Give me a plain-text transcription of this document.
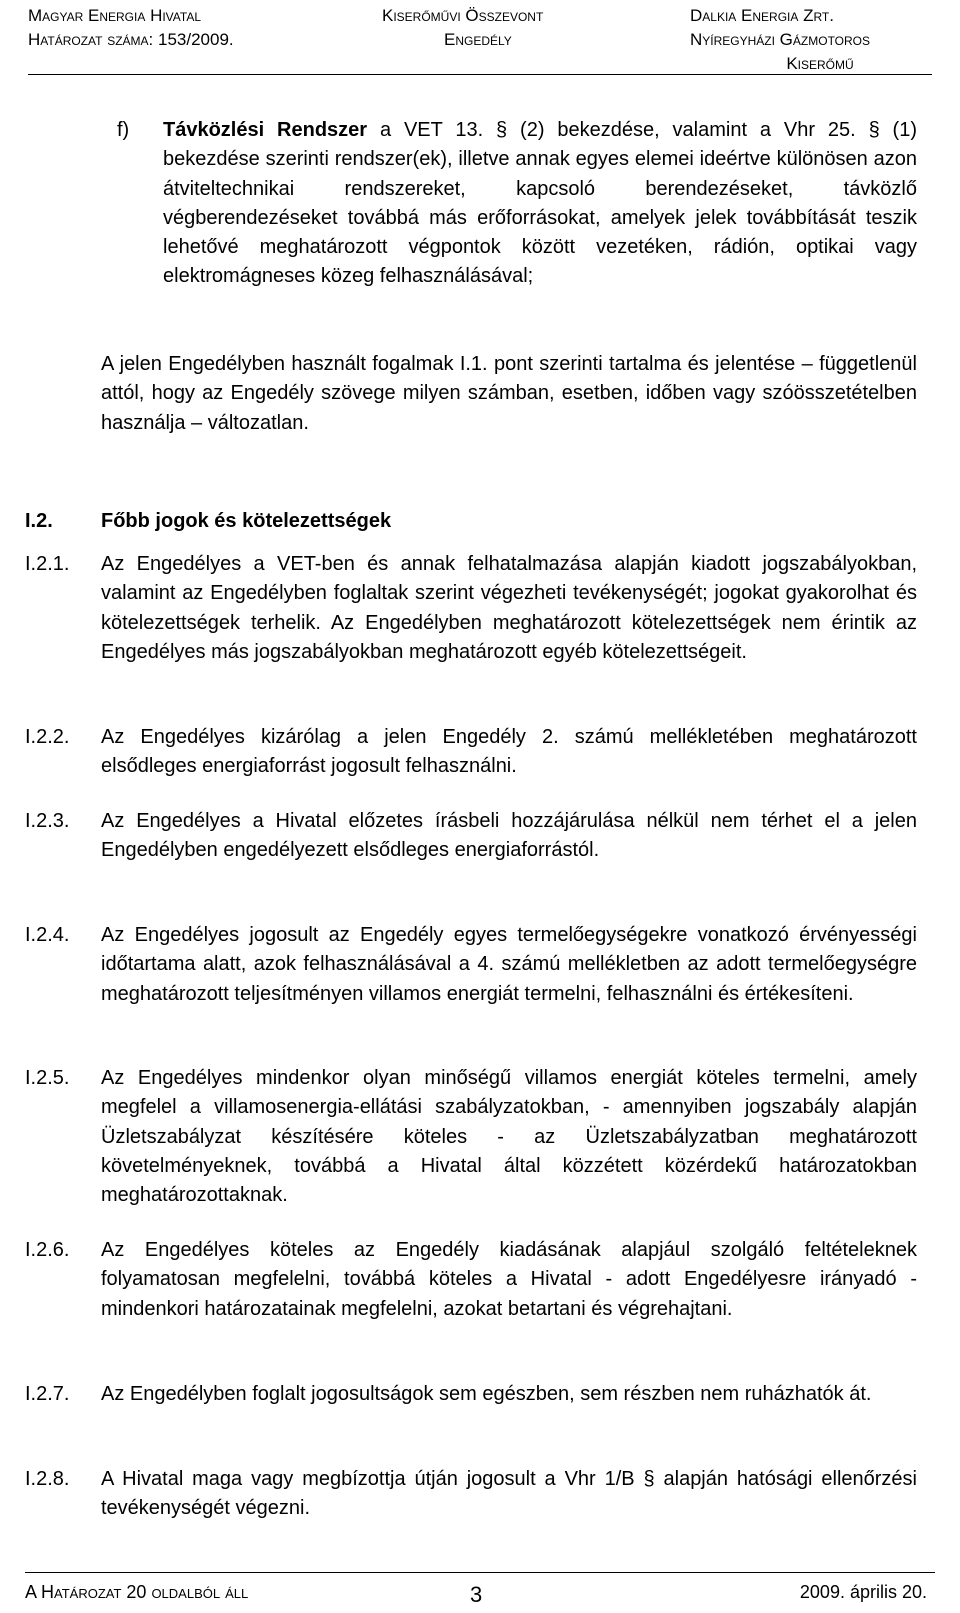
Magyar Energia Hivatal
Határozat száma: 153/2009.
Kiserőművi Összevont
Engedély
Dalkia Energia Zrt.
Nyíregyházi Gázmotoros
Kiserőmű
f) Távközlési Rendszer a VET 13. § (2) bekezdése, valamint a Vhr 25. § (1) bekezdése szerinti rendszer(ek), illetve annak egyes elemei ideértve különösen azon átviteltechnikai rendszereket, kapcsoló berendezéseket, távközlő végberendezéseket továbbá más erőforrásokat, amelyek jelek továbbítását teszik lehetővé meghatározott végpontok között vezetéken, rádión, optikai vagy elektromágneses közeg felhasználásával;
A jelen Engedélyben használt fogalmak I.1. pont szerinti tartalma és jelentése – függetlenül attól, hogy az Engedély szövege milyen számban, esetben, időben vagy szóösszetételben használja – változatlan.
I.2. Főbb jogok és kötelezettségek
I.2.1. Az Engedélyes a VET-ben és annak felhatalmazása alapján kiadott jogszabályokban, valamint az Engedélyben foglaltak szerint végezheti tevékenységét; jogokat gyakorolhat és kötelezettségek terhelik. Az Engedélyben meghatározott kötelezettségek nem érintik az Engedélyes más jogszabályokban meghatározott egyéb kötelezettségeit.
I.2.2. Az Engedélyes kizárólag a jelen Engedély 2. számú mellékletében meghatározott elsődleges energiaforrást jogosult felhasználni.
I.2.3. Az Engedélyes a Hivatal előzetes írásbeli hozzájárulása nélkül nem térhet el a jelen Engedélyben engedélyezett elsődleges energiaforrástól.
I.2.4. Az Engedélyes jogosult az Engedély egyes termelőegységekre vonatkozó érvényességi időtartama alatt, azok felhasználásával a 4. számú mellékletben az adott termelőegységre meghatározott teljesítményen villamos energiát termelni, felhasználni és értékesíteni.
I.2.5. Az Engedélyes mindenkor olyan minőségű villamos energiát köteles termelni, amely megfelel a villamosenergia-ellátási szabályzatokban, - amennyiben jogszabály alapján Üzletszabályzat készítésére köteles - az Üzletszabályzatban meghatározott követelményeknek, továbbá a Hivatal által közzétett közérdekű határozatokban meghatározottaknak.
I.2.6. Az Engedélyes köteles az Engedély kiadásának alapjául szolgáló feltételeknek folyamatosan megfelelni, továbbá köteles a Hivatal - adott Engedélyesre irányadó - mindenkori határozatainak megfelelni, azokat betartani és végrehajtani.
I.2.7. Az Engedélyben foglalt jogosultságok sem egészben, sem részben nem ruházhatók át.
I.2.8. A Hivatal maga vagy megbízottja útján jogosult a Vhr 1/B § alapján hatósági ellenőrzési tevékenységét végezni.
A Határozat 20 oldalból áll	3	2009. április 20.
